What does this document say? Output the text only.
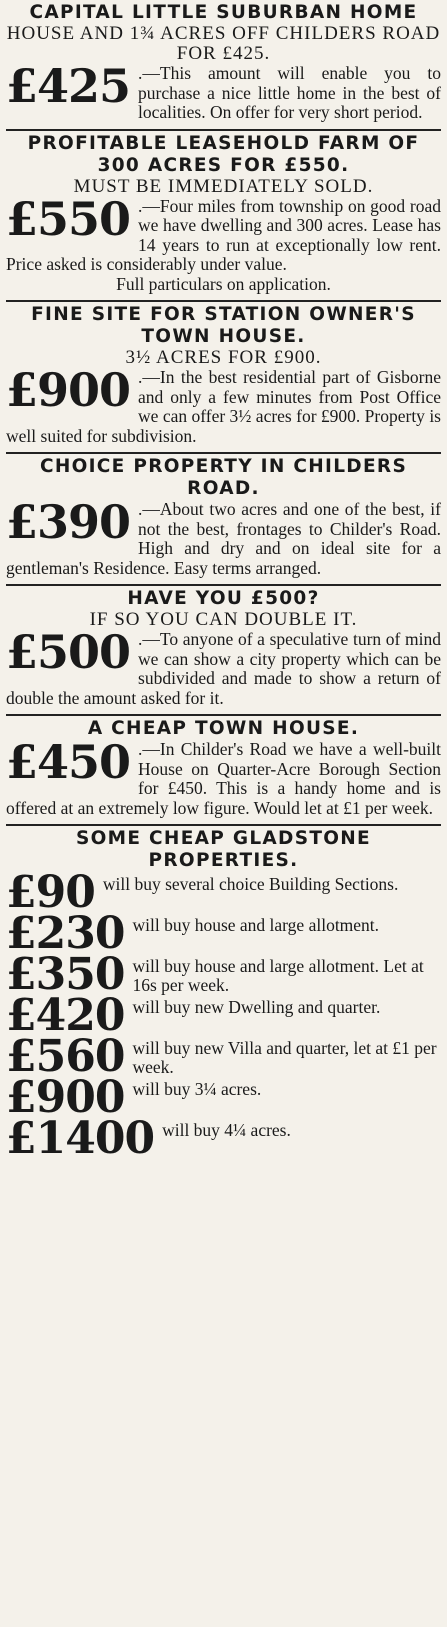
CAPITAL LITTLE SUBURBAN HOME
HOUSE AND 1¾ ACRES OFF CHILDERS ROAD FOR £425.
£425 .—This amount will enable you to purchase a nice little home in the best of localities. On offer for very short period.
PROFITABLE LEASEHOLD FARM OF 300 ACRES FOR £550.
MUST BE IMMEDIATELY SOLD.
£550 .—Four miles from township on good road we have dwelling and 300 acres. Lease has 14 years to run at exceptionally low rent. Price asked is considerably under value.
Full particulars on application.
FINE SITE FOR STATION OWNER'S TOWN HOUSE.
3½ ACRES FOR £900.
£900 .—In the best residential part of Gisborne and only a few minutes from Post Office we can offer 3½ acres for £900. Property is well suited for subdivision.
CHOICE PROPERTY IN CHILDERS ROAD.
£390 .—About two acres and one of the best, if not the best, frontages to Childer's Road. High and dry and on ideal site for a gentleman's Residence. Easy terms arranged.
HAVE YOU £500?
IF SO YOU CAN DOUBLE IT.
£500 .—To anyone of a speculative turn of mind we can show a city property which can be subdivided and made to show a return of double the amount asked for it.
A CHEAP TOWN HOUSE.
£450 .—In Childer's Road we have a well-built House on Quarter-Acre Borough Section for £450. This is a handy home and is offered at an extremely low figure. Would let at £1 per week.
SOME CHEAP GLADSTONE PROPERTIES.
£90 will buy several choice Building Sections.
£230 will buy house and large allotment.
£350 will buy house and large allotment. Let at 16s per week.
£420 will buy new Dwelling and quarter.
£560 will buy new Villa and quarter, let at £1 per week.
£900 will buy 3¼ acres.
£1400 will buy 4¼ acres.
